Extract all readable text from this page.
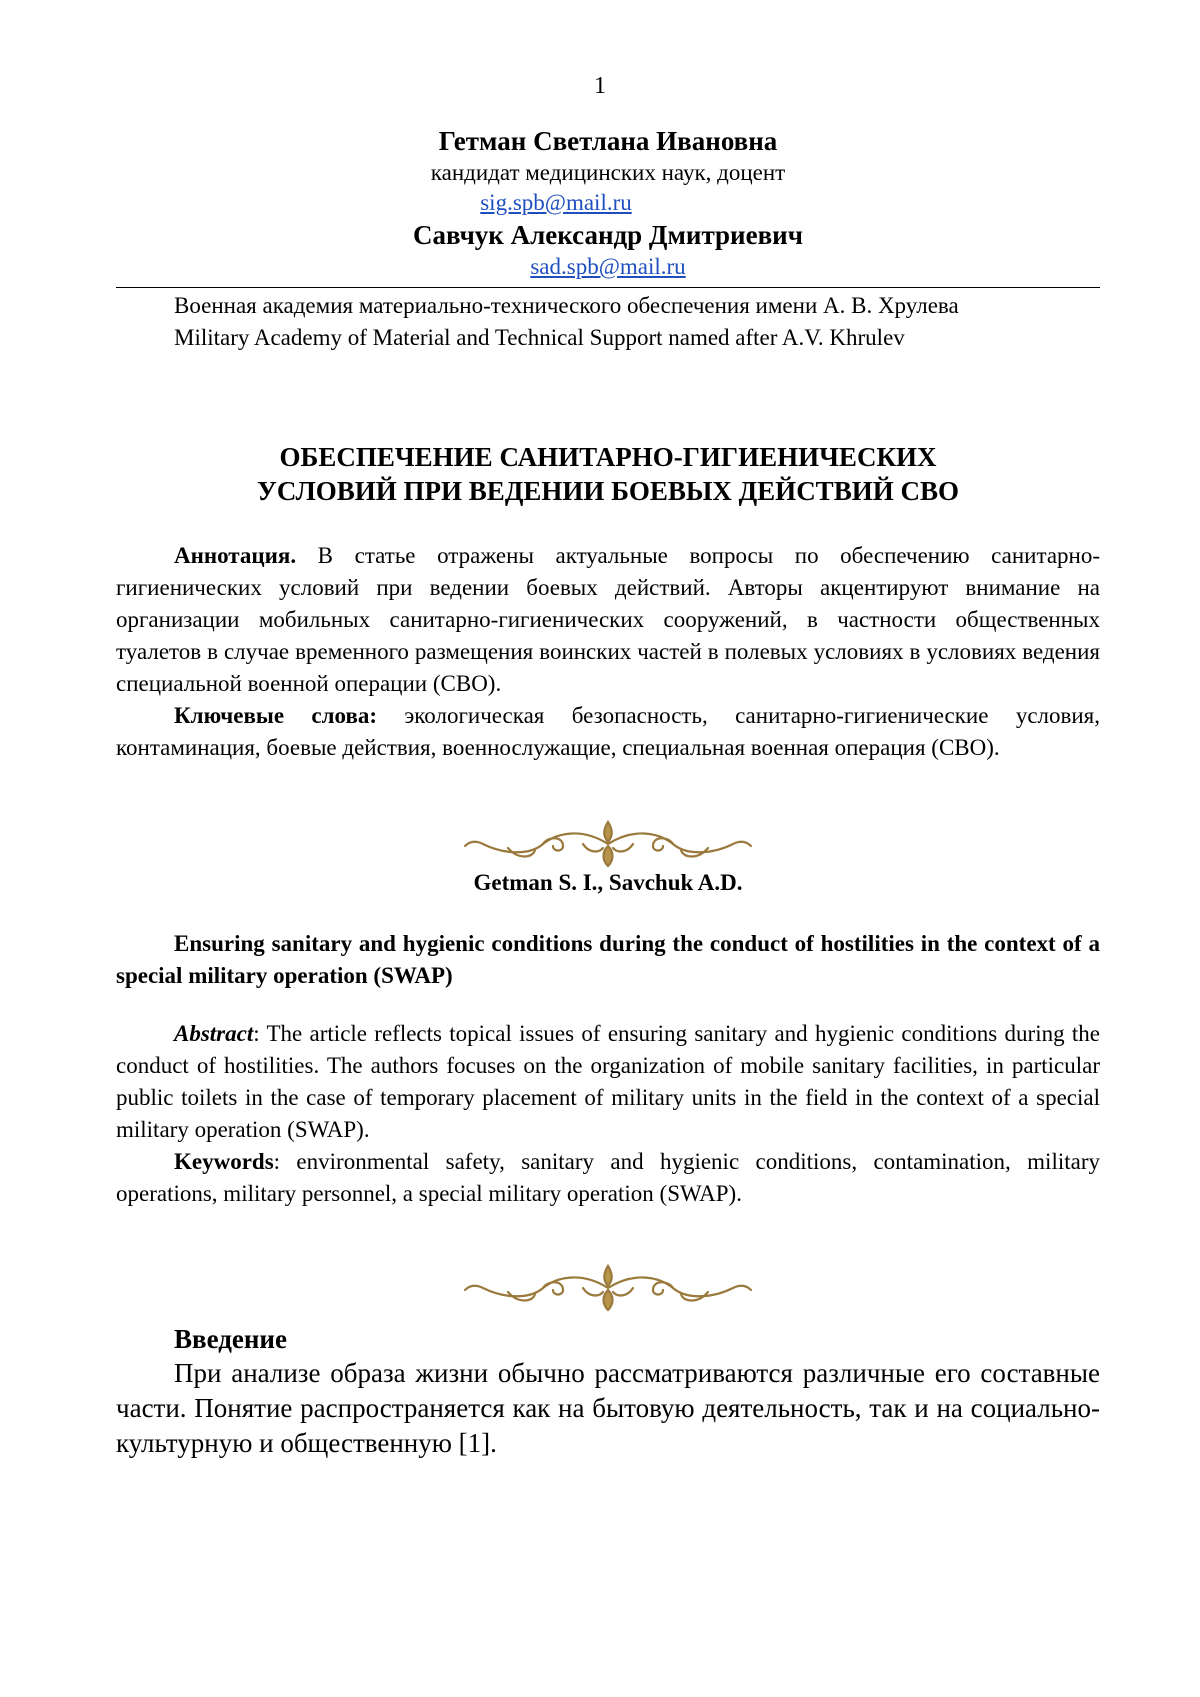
1

Гетман Светлана Ивановна

кандидат медицинских наук, доцент

sig.spb@mail.ru

Савчук Александр Дмитриевич

sad.spb@mail.ru

Военная академия материально-технического обеспечения имени А. В. Хрулева

Military Academy of Material and Technical Support named after A.V. Khrulev

ОБЕСПЕЧЕНИЕ САНИТАРНО-ГИГИЕНИЧЕСКИХ

УСЛОВИЙ ПРИ ВЕДЕНИИ БОЕВЫХ ДЕЙСТВИЙ СВО

Аннотация. В статье отражены актуальные вопросы по обеспечению санитарно-гигиенических условий при ведении боевых действий. Авторы акцентируют внимание на организации мобильных санитарно-гигиенических сооружений, в частности общественных туалетов в случае временного размещения воинских частей в полевых условиях в условиях ведения специальной военной операции (СВО).

Ключевые слова: экологическая безопасность, санитарно-гигиенические условия, контаминация, боевые действия, военнослужащие, специальная военная операция (СВО).

Getman S. I., Savchuk A.D.

Ensuring sanitary and hygienic conditions during the conduct of hostilities in the context of a special military operation (SWAP)

Abstract: The article reflects topical issues of ensuring sanitary and hygienic conditions during the conduct of hostilities. The authors focuses on the organization of mobile sanitary facilities, in particular public toilets in the case of temporary placement of military units in the field in the context of a special military operation (SWAP).

Keywords: environmental safety, sanitary and hygienic conditions, contamination, military operations, military personnel, a special military operation (SWAP).

Введение

При анализе образа жизни обычно рассматриваются различные его составные части. Понятие распространяется как на бытовую деятельность, так и на социально-культурную и общественную [1].
